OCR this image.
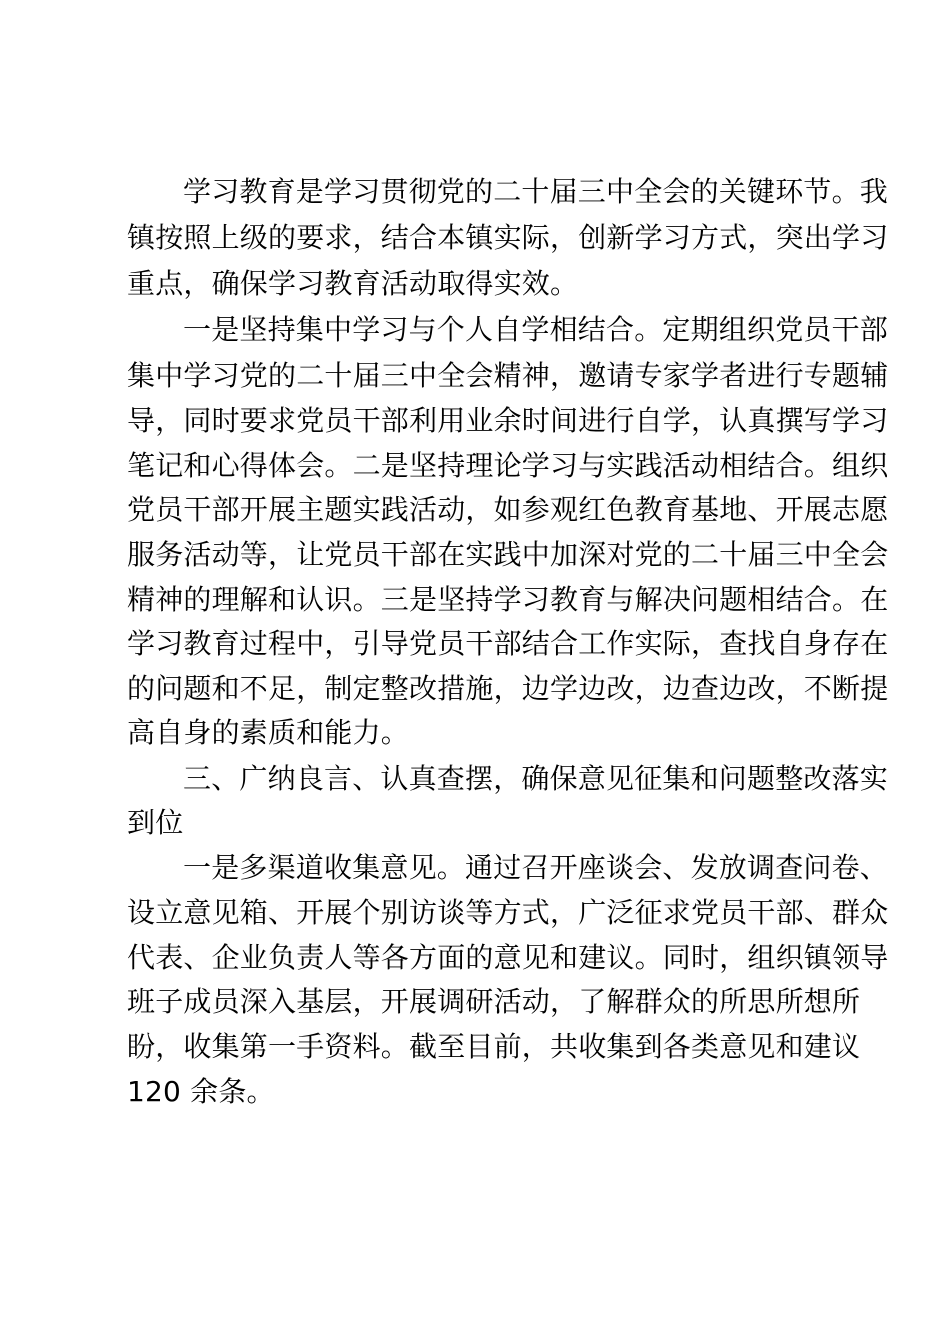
学习教育是学习贯彻党的二十届三中全会的关键环节。我
镇按照上级的要求，结合本镇实际，创新学习方式，突出学习
重点，确保学习教育活动取得实效。
一是坚持集中学习与个人自学相结合。定期组织党员干部
集中学习党的二十届三中全会精神，邀请专家学者进行专题辅
导，同时要求党员干部利用业余时间进行自学，认真撰写学习
笔记和心得体会。二是坚持理论学习与实践活动相结合。组织
党员干部开展主题实践活动，如参观红色教育基地、开展志愿
服务活动等，让党员干部在实践中加深对党的二十届三中全会
精神的理解和认识。三是坚持学习教育与解决问题相结合。在
学习教育过程中，引导党员干部结合工作实际，查找自身存在
的问题和不足，制定整改措施，边学边改，边查边改，不断提
高自身的素质和能力。
三、广纳良言、认真查摆，确保意见征集和问题整改落实
到位
一是多渠道收集意见。通过召开座谈会、发放调查问卷、
设立意见箱、开展个别访谈等方式，广泛征求党员干部、群众
代表、企业负责人等各方面的意见和建议。同时，组织镇领导
班子成员深入基层，开展调研活动，了解群众的所思所想所
盼，收集第一手资料。截至目前，共收集到各类意见和建议
120 余条。
